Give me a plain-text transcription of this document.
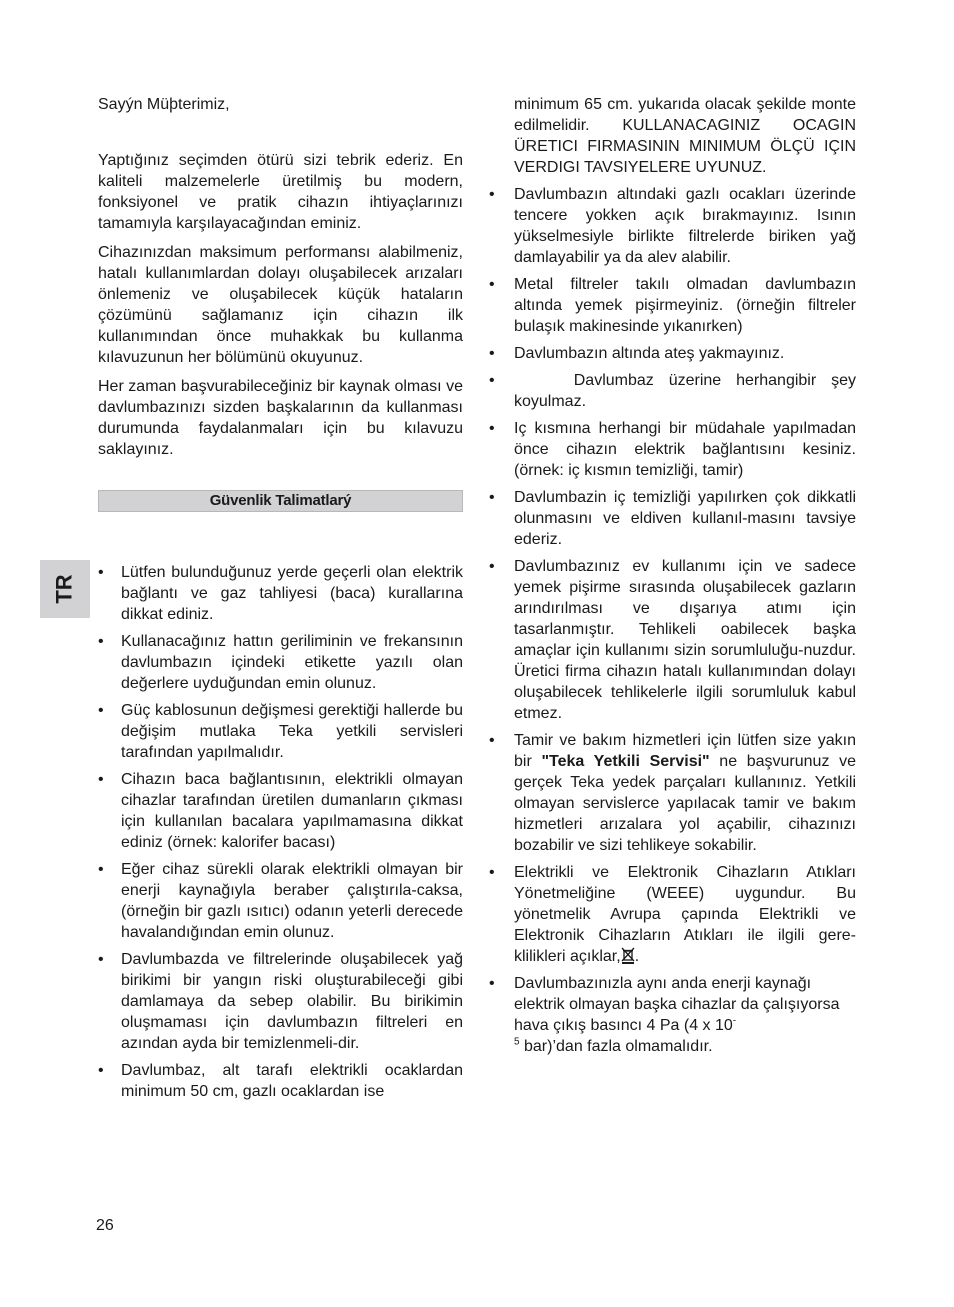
TR

Sayýn Müþterimiz,

Yaptığınız seçimden ötürü sizi tebrik ederiz. En kaliteli malzemelerle üretilmiş bu modern, fonksiyonel ve pratik cihazın ihtiyaçlarınızı tamamıyla karşılayacağından eminiz.

Cihazınızdan maksimum performansı alabilmeniz, hatalı kullanımlardan dolayı oluşabilecek arızaları önlemeniz ve oluşabilecek küçük hataların çözümünü sağlamanız için cihazın ilk kullanımından önce muhakkak bu kullanma kılavuzunun her bölümünü okuyunuz.

Her zaman başvurabileceğiniz bir kaynak olması ve davlumbazınızı sizden başkalarının da kullanması durumunda faydalanmaları için bu kılavuzu saklayınız.

Güvenlik Talimatlarý
• Lütfen bulunduğunuz yerde geçerli olan elektrik bağlantı ve gaz tahliyesi (baca) kurallarına dikkat ediniz.
• Kullanacağınız hattın geriliminin ve frekansının davlumbazın içindeki etikette yazılı olan değerlere uyduğundan emin olunuz.
• Güç kablosunun değişmesi gerektiği hallerde bu değişim mutlaka Teka yetkili servisleri tarafından yapılmalıdır.
• Cihazın baca bağlantısının, elektrikli olmayan cihazlar tarafından üretilen dumanların çıkması için kullanılan bacalara yapılmamasına dikkat ediniz (örnek: kalorifer bacası)
• Eğer cihaz sürekli olarak elektrikli olmayan bir enerji kaynağıyla beraber çalıştırıla-caksa, (örneğin bir gazlı ısıtıcı) odanın yeterli derecede havalandığından emin olunuz.
• Davlumbazda ve filtrelerinde oluşabilecek yağ birikimi bir yangın riski oluşturabileceği gibi damlamaya da sebep olabilir. Bu birikimin oluşmaması için davlumbazın filtreleri en azından ayda bir temizlenmeli-dir.
• Davlumbaz, alt tarafı elektrikli ocaklardan minimum 50 cm, gazlı ocaklardan ise
minimum 65 cm. yukarıda olacak şekilde monte edilmelidir. KULLANACAGINIZ OCAGIN ÜRETICI FIRMASININ MINIMUM ÖLÇÜ IÇIN VERDIGI TAVSIYELERE UYUNUZ.
• Davlumbazın altındaki gazlı ocakları üzerinde tencere yokken açık bırakmayınız. Isının yükselmesiyle birlikte filtrelerde biriken yağ damlayabilir ya da alev alabilir.
• Metal filtreler takılı olmadan davlumbazın altında yemek pişirmeyiniz. (örneğin filtreler bulaşık makinesinde yıkanırken)
• Davlumbazın altında ateş yakmayınız.
•     Davlumbaz üzerine herhangibir şey koyulmaz.
• Iç kısmına herhangi bir müdahale yapılmadan önce cihazın elektrik bağlantısını kesiniz. (örnek: iç kısmın temizliği, tamir)
• Davlumbazin iç temizliği yapılırken çok dikkatli olunmasını ve eldiven kullanıl-masını tavsiye ederiz.
• Davlumbazınız ev kullanımı için ve sadece yemek pişirme sırasında oluşabilecek gazların arındırılması ve dışarıya atımı için tasarlanmıştır. Tehlikeli oabilecek başka amaçlar için kullanımı sizin sorumluluğu-nuzdur. Üretici firma cihazın hatalı kullanımından dolayı oluşabilecek tehlikelerle ilgili sorumluluk kabul etmez.
• Tamir ve bakım hizmetleri için lütfen size yakın bir "Teka Yetkili Servisi" ne başvurunuz ve gerçek Teka yedek parçaları kullanınız. Yetkili olmayan servislerce yapılacak tamir ve bakım hizmetleri arızalara yol açabilir, cihazınızı bozabilir ve sizi tehlikeye sokabilir.
• Elektrikli ve Elektronik Cihazların Atıkları Yönetmeliğine (WEEE) uygundur. Bu yönetmelik Avrupa çapında Elektrikli ve Elektronik Cihazların Atıkları ile ilgili gere-klilikleri açıklar, .
• Davlumbazınızla aynı anda enerji kaynağı elektrik olmayan başka cihazlar da çalışıyorsa hava çıkış basıncı 4 Pa (4 x 10-
$^5$ bar)’dan fazla olmamalıdır.
26
